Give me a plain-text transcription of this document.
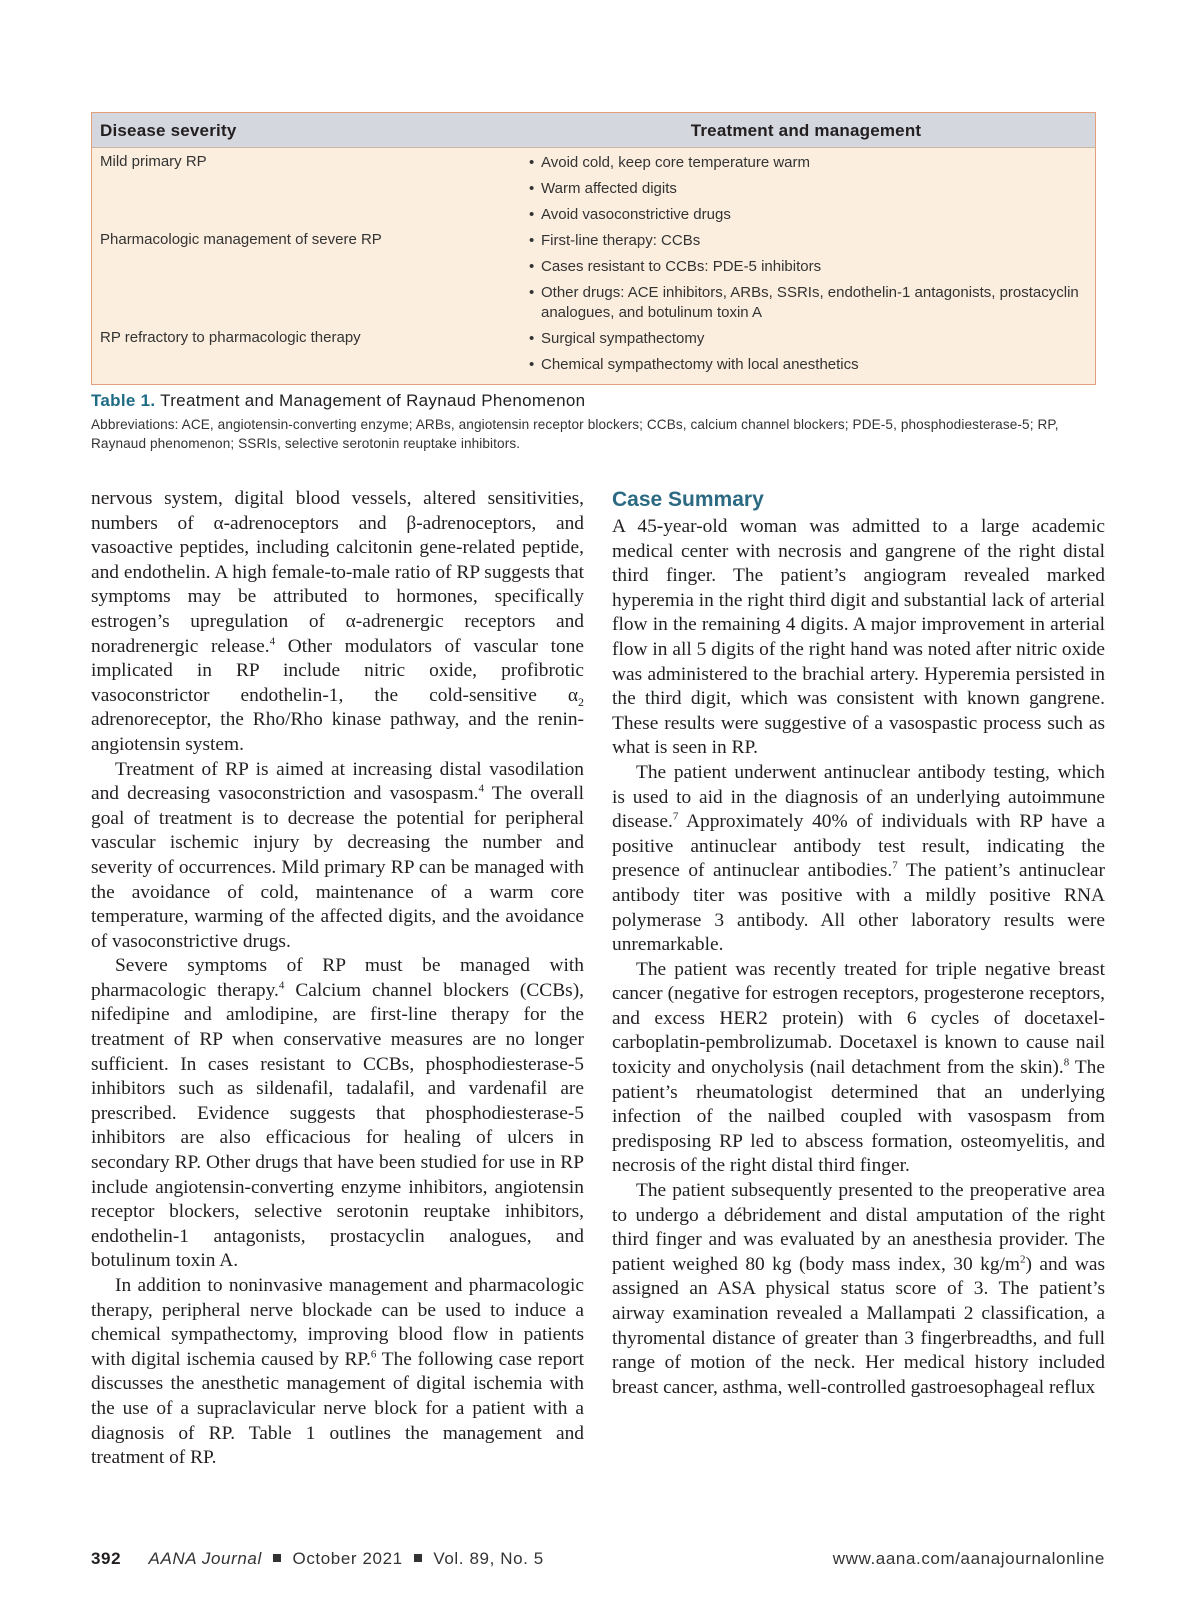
Disease severity	Treatment and management
Mild primary RP	• Avoid cold, keep core temperature warm
• Warm affected digits
• Avoid vasoconstrictive drugs
Pharmacologic management of severe RP	• First-line therapy: CCBs
• Cases resistant to CCBs: PDE-5 inhibitors
• Other drugs: ACE inhibitors, ARBs, SSRIs, endothelin-1 antagonists, prostacyclin analogues, and botulinum toxin A
RP refractory to pharmacologic therapy	• Surgical sympathectomy
• Chemical sympathectomy with local anesthetics
Table 1. Treatment and Management of Raynaud Phenomenon
Abbreviations: ACE, angiotensin-converting enzyme; ARBs, angiotensin receptor blockers; CCBs, calcium channel blockers; PDE-5, phosphodiesterase-5; RP, Raynaud phenomenon; SSRIs, selective serotonin reuptake inhibitors.

nervous system, digital blood vessels, altered sensitivities, numbers of α-adrenoceptors and β-adrenoceptors, and vasoactive peptides, including calcitonin gene-related peptide, and endothelin. A high female-to-male ratio of RP suggests that symptoms may be attributed to hormones, specifically estrogen’s upregulation of α-adrenergic receptors and noradrenergic release.$^4$ Other modulators of vascular tone implicated in RP include nitric oxide, profibrotic vasoconstrictor endothelin-1, the cold-sensitive $\alpha_2$ adrenoreceptor, the Rho/Rho kinase pathway, and the renin-angiotensin system.

Treatment of RP is aimed at increasing distal vasodilation and decreasing vasoconstriction and vasospasm.$^4$ The overall goal of treatment is to decrease the potential for peripheral vascular ischemic injury by decreasing the number and severity of occurrences. Mild primary RP can be managed with the avoidance of cold, maintenance of a warm core temperature, warming of the affected digits, and the avoidance of vasoconstrictive drugs.

Severe symptoms of RP must be managed with pharmacologic therapy.$^4$ Calcium channel blockers (CCBs), nifedipine and amlodipine, are first-line therapy for the treatment of RP when conservative measures are no longer sufficient. In cases resistant to CCBs, phosphodiesterase-5 inhibitors such as sildenafil, tadalafil, and vardenafil are prescribed. Evidence suggests that phosphodiesterase-5 inhibitors are also efficacious for healing of ulcers in secondary RP. Other drugs that have been studied for use in RP include angiotensin-converting enzyme inhibitors, angiotensin receptor blockers, selective serotonin reuptake inhibitors, endothelin-1 antagonists, prostacyclin analogues, and botulinum toxin A.

In addition to noninvasive management and pharmacologic therapy, peripheral nerve blockade can be used to induce a chemical sympathectomy, improving blood flow in patients with digital ischemia caused by RP.$^6$ The following case report discusses the anesthetic management of digital ischemia with the use of a supraclavicular nerve block for a patient with a diagnosis of RP. Table 1 outlines the management and treatment of RP.

Case Summary

A 45-year-old woman was admitted to a large academic medical center with necrosis and gangrene of the right distal third finger. The patient’s angiogram revealed marked hyperemia in the right third digit and substantial lack of arterial flow in the remaining 4 digits. A major improvement in arterial flow in all 5 digits of the right hand was noted after nitric oxide was administered to the brachial artery. Hyperemia persisted in the third digit, which was consistent with known gangrene. These results were suggestive of a vasospastic process such as what is seen in RP.

The patient underwent antinuclear antibody testing, which is used to aid in the diagnosis of an underlying autoimmune disease.$^7$ Approximately 40% of individuals with RP have a positive antinuclear antibody test result, indicating the presence of antinuclear antibodies.$^7$ The patient’s antinuclear antibody titer was positive with a mildly positive RNA polymerase 3 antibody. All other laboratory results were unremarkable.

The patient was recently treated for triple negative breast cancer (negative for estrogen receptors, progesterone receptors, and excess HER2 protein) with 6 cycles of docetaxel-carboplatin-pembrolizumab. Docetaxel is known to cause nail toxicity and onycholysis (nail detachment from the skin).$^8$ The patient’s rheumatologist determined that an underlying infection of the nailbed coupled with vasospasm from predisposing RP led to abscess formation, osteomyelitis, and necrosis of the right distal third finger.

The patient subsequently presented to the preoperative area to undergo a débridement and distal amputation of the right third finger and was evaluated by an anesthesia provider. The patient weighed 80 kg (body mass index, 30 $kg/m^2$) and was assigned an ASA physical status score of 3. The patient’s airway examination revealed a Mallampati 2 classification, a thyromental distance of greater than 3 fingerbreadths, and full range of motion of the neck. Her medical history included breast cancer, asthma, well-controlled gastroesophageal reflux

392 AANA Journal October 2021 Vol. 89, No. 5	www.aana.com/aanajournalonline
